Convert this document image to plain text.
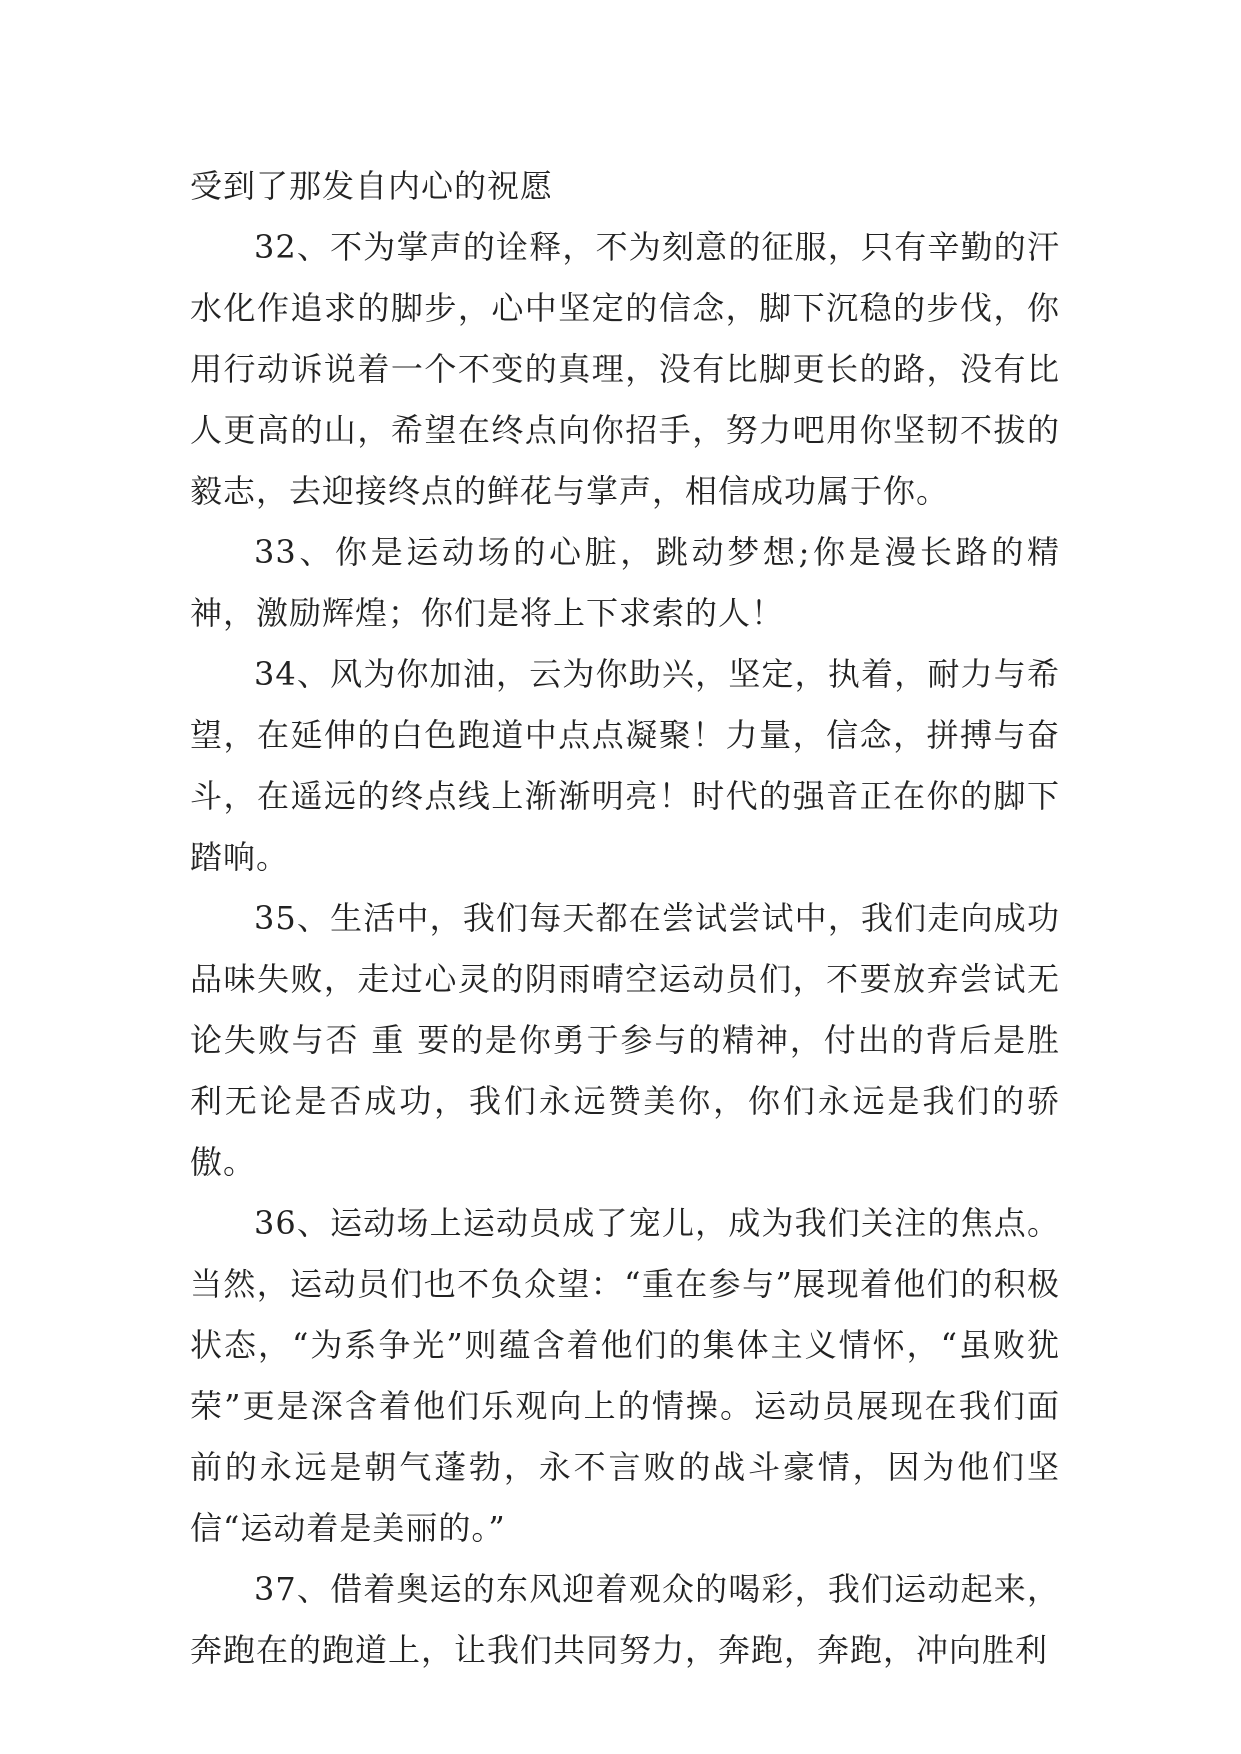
受到了那发自内心的祝愿

32、不为掌声的诠释，不为刻意的征服，只有辛勤的汗水化作追求的脚步，心中坚定的信念，脚下沉稳的步伐，你用行动诉说着一个不变的真理，没有比脚更长的路，没有比人更高的山，希望在终点向你招手，努力吧用你坚韧不拔的毅志，去迎接终点的鲜花与掌声，相信成功属于你。

33、你是运动场的心脏，跳动梦想;你是漫长路的精神，激励辉煌；你们是将上下求索的人！

34、风为你加油，云为你助兴，坚定，执着，耐力与希望，在延伸的白色跑道中点点凝聚！力量，信念，拼搏与奋斗，在遥远的终点线上渐渐明亮！时代的强音正在你的脚下踏响。

35、生活中，我们每天都在尝试尝试中，我们走向成功品味失败，走过心灵的阴雨晴空运动员们，不要放弃尝试无论失败与否 重 要的是你勇于参与的精神，付出的背后是胜利无论是否成功，我们永远赞美你，你们永远是我们的骄傲。

36、运动场上运动员成了宠儿，成为我们关注的焦点。当然，运动员们也不负众望：“重在参与”展现着他们的积极状态，“为系争光”则蕴含着他们的集体主义情怀，“虽败犹荣”更是深含着他们乐观向上的情操。运动员展现在我们面前的永远是朝气蓬勃，永不言败的战斗豪情，因为他们坚信“运动着是美丽的。”

37、借着奥运的东风迎着观众的喝彩，我们运动起来，奔跑在的跑道上，让我们共同努力，奔跑，奔跑，冲向胜利
